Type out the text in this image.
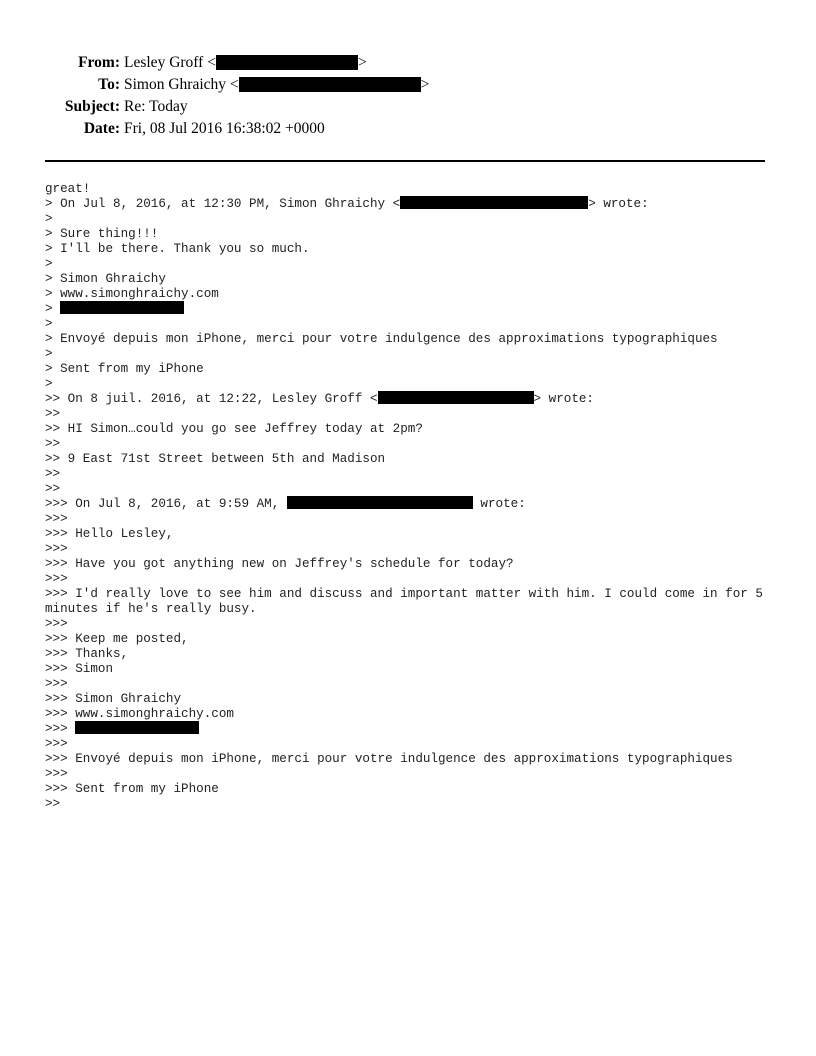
From: Lesley Groff <	>
To: Simon Ghraichy <	>
Subject: Re: Today
Date: Fri, 08 Jul 2016 16:38:02 +0000
great!
> On Jul 8, 2016, at 12:30 PM, Simon Ghraichy <	> wrote:
>
> Sure thing!!!
> I'll be there. Thank you so much.
>
> Simon Ghraichy
> www.simonghraichy.com
>
>
> Envoyé depuis mon iPhone, merci pour votre indulgence des approximations typographiques
>
> Sent from my iPhone
>
>> On 8 juil. 2016, at 12:22, Lesley Groff <	> wrote:
>>
>> HI Simon…could you go see Jeffrey today at 2pm?
>>
>> 9 East 71st Street between 5th and Madison
>>
>>
>>> On Jul 8, 2016, at 9:59 AM,	wrote:
>>>
>>> Hello Lesley,
>>>
>>> Have you got anything new on Jeffrey's schedule for today?
>>>
>>> I'd really love to see him and discuss and important matter with him. I could come in for 5 minutes if he's really busy.
>>>
>>> Keep me posted,
>>> Thanks,
>>> Simon
>>>
>>> Simon Ghraichy
>>> www.simonghraichy.com
>>>
>>>
>>> Envoyé depuis mon iPhone, merci pour votre indulgence des approximations typographiques
>>>
>>> Sent from my iPhone
>>
